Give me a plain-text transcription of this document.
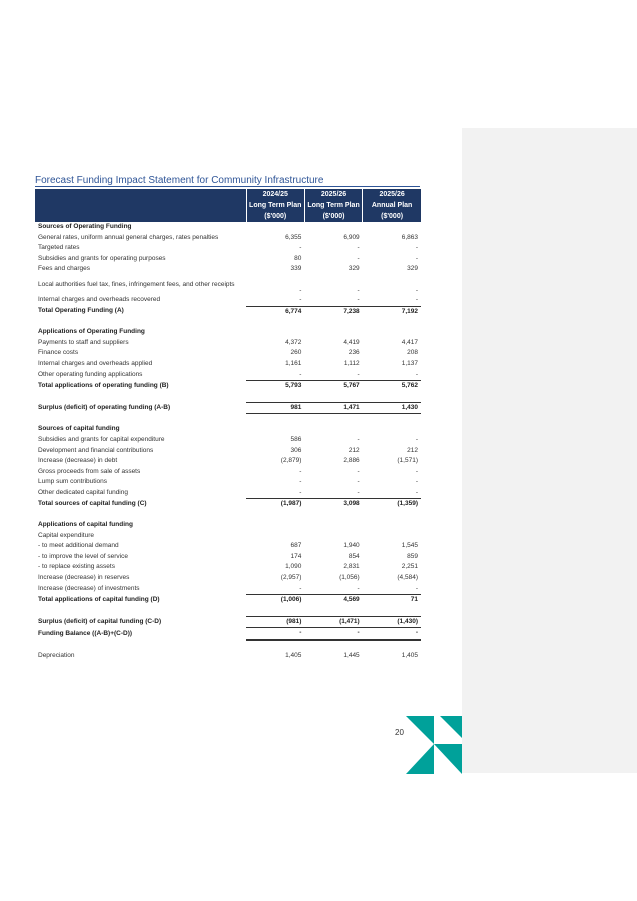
Forecast Funding Impact Statement for Community Infrastructure
	2024/25	2025/26	2025/26
	Long Term Plan	Long Term Plan	Annual Plan
	($'000)	($'000)	($'000)
Sources of Operating Funding			
General rates, uniform annual general charges, rates penalties	6,355	6,909	6,863
Targeted rates	-	-	-
Subsidies and grants for operating purposes	80	-	-
Fees and charges	339	329	329
Local authorities fuel tax, fines, infringement fees, and other receipts	-	-	-
Internal charges and overheads recovered	-	-	-
Total Operating Funding (A)	6,774	7,238	7,192

Applications of Operating Funding			
Payments to staff and suppliers	4,372	4,419	4,417
Finance costs	260	236	208
Internal charges and overheads applied	1,161	1,112	1,137
Other operating funding applications	-	-	-
Total applications of operating funding (B)	5,793	5,767	5,762

Surplus (deficit) of operating funding (A-B)	981	1,471	1,430

Sources of capital funding			
Subsidies and grants for capital expenditure	586	-	-
Development and financial contributions	306	212	212
Increase (decrease) in debt	(2,879)	2,886	(1,571)
Gross proceeds from sale of assets	-	-	-
Lump sum contributions	-	-	-
Other dedicated capital funding	-	-	-
Total sources of capital funding (C)	(1,987)	3,098	(1,359)

Applications of capital funding			
Capital expenditure			
- to meet additional demand	687	1,940	1,545
- to improve the level of service	174	854	859
- to replace existing assets	1,090	2,831	2,251
Increase (decrease) in reserves	(2,957)	(1,056)	(4,584)
Increase (decrease) of investments	-	-	-
Total applications of capital funding (D)	(1,006)	4,569	71

Surplus (deficit) of capital funding (C-D)	(981)	(1,471)	(1,430)
Funding Balance ((A-B)+(C-D))	-	-	-

Depreciation	1,405	1,445	1,405
20
